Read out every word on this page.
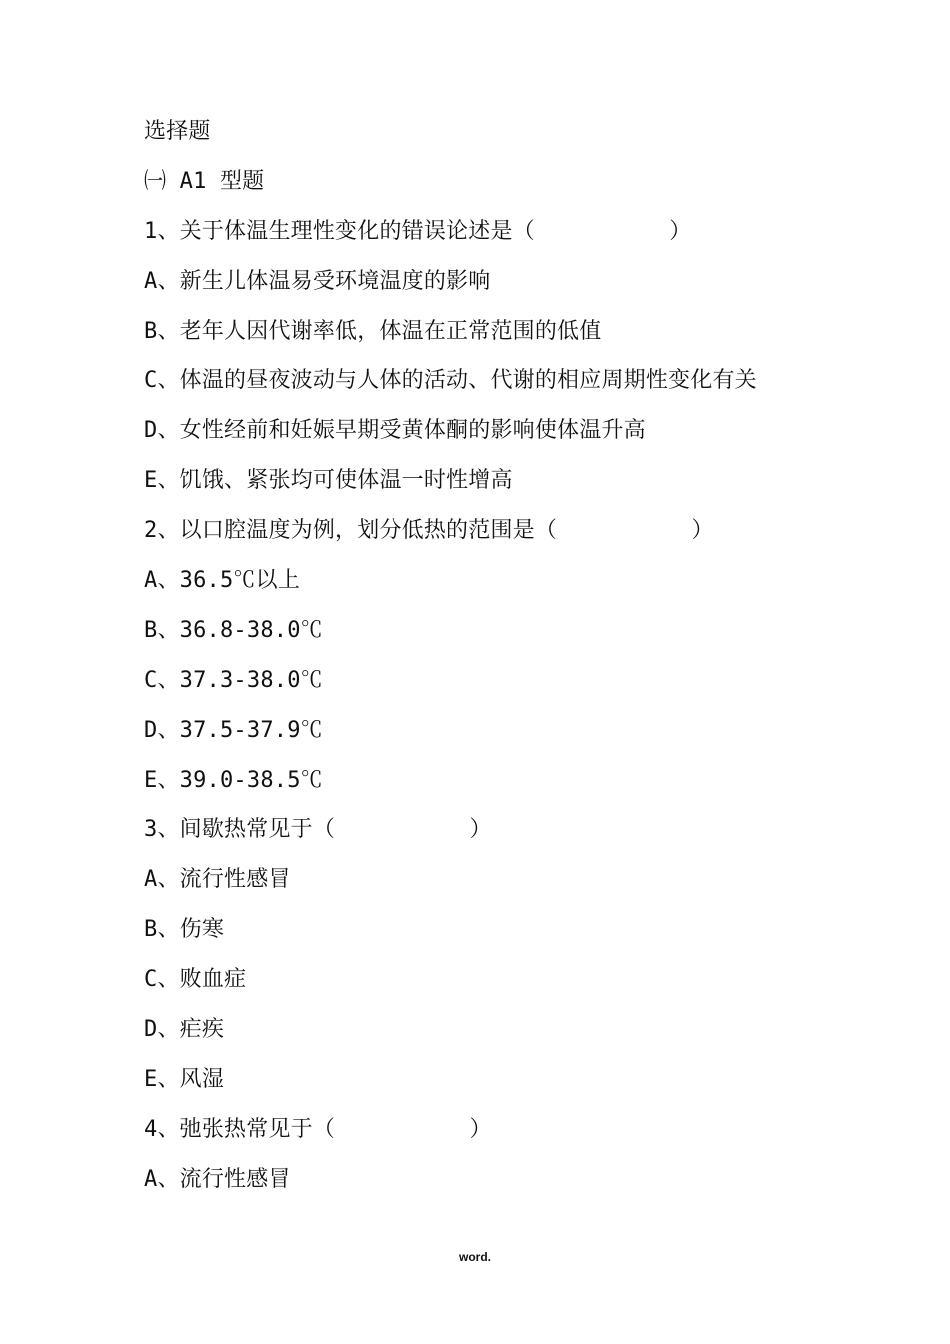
选择题
㈠ A1 型题
1、关于体温生理性变化的错误论述是（          ）
A、新生儿体温易受环境温度的影响
B、老年人因代谢率低，体温在正常范围的低值
C、体温的昼夜波动与人体的活动、代谢的相应周期性变化有关
D、女性经前和妊娠早期受黄体酮的影响使体温升高
E、饥饿、紧张均可使体温一时性增高
2、以口腔温度为例，划分低热的范围是（          ）
A、36.5℃以上
B、36.8-38.0℃
C、37.3-38.0℃
D、37.5-37.9℃
E、39.0-38.5℃
3、间歇热常见于（          ）
A、流行性感冒
B、伤寒
C、败血症
D、疟疾
E、风湿
4、弛张热常见于（          ）
A、流行性感冒
word.
